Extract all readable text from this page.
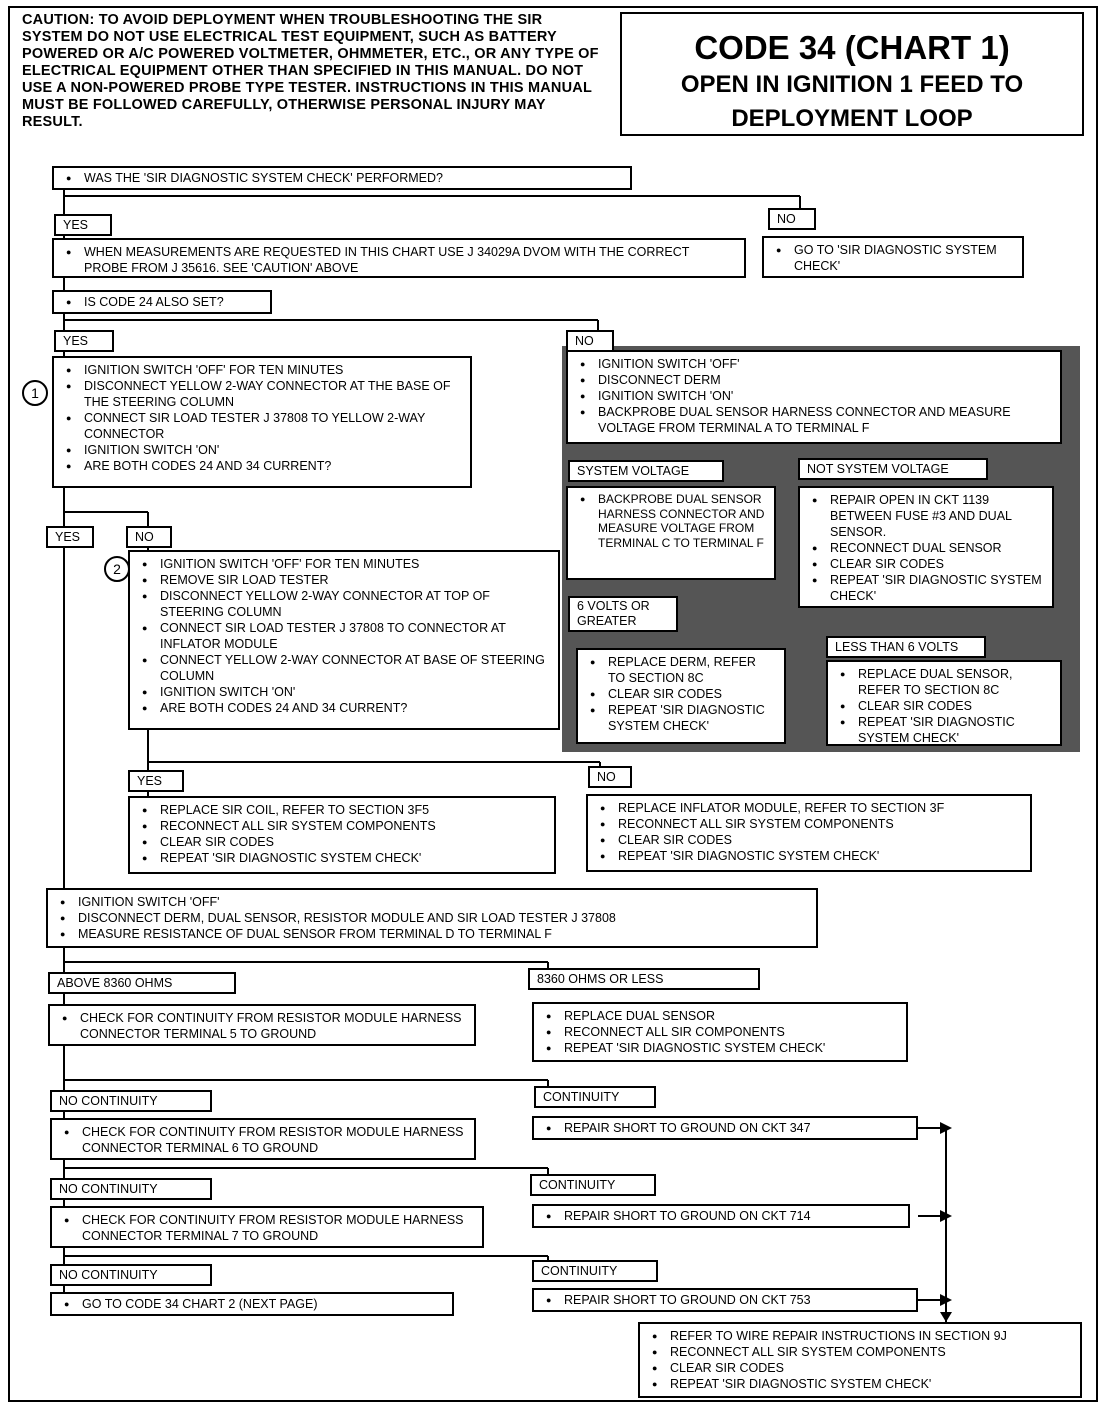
CAUTION: TO AVOID DEPLOYMENT WHEN TROUBLESHOOTING THE SIR SYSTEM DO NOT USE ELECTRICAL TEST EQUIPMENT, SUCH AS BATTERY POWERED OR A/C POWERED VOLTMETER, OHMMETER, ETC., OR ANY TYPE OF ELECTRICAL EQUIPMENT OTHER THAN SPECIFIED IN THIS MANUAL. DO NOT USE A NON-POWERED PROBE TYPE TESTER. INSTRUCTIONS IN THIS MANUAL MUST BE FOLLOWED CAREFULLY, OTHERWISE PERSONAL INJURY MAY RESULT.
CODE 34 (CHART 1)
OPEN IN IGNITION 1 FEED TO
DEPLOYMENT LOOP
● WAS THE 'SIR DIAGNOSTIC SYSTEM CHECK' PERFORMED?
YES	NO
● WHEN MEASUREMENTS ARE REQUESTED IN THIS CHART USE J 34029A DVOM WITH THE CORRECT PROBE FROM J 35616. SEE 'CAUTION' ABOVE
● GO TO 'SIR DIAGNOSTIC SYSTEM CHECK'
● IS CODE 24 ALSO SET?
YES	NO
1
● IGNITION SWITCH 'OFF' FOR TEN MINUTES
● DISCONNECT YELLOW 2-WAY CONNECTOR AT THE BASE OF THE STEERING COLUMN
● CONNECT SIR LOAD TESTER J 37808 TO YELLOW 2-WAY CONNECTOR
● IGNITION SWITCH 'ON'
● ARE BOTH CODES 24 AND 34 CURRENT?
● IGNITION SWITCH 'OFF'
● DISCONNECT DERM
● IGNITION SWITCH 'ON'
● BACKPROBE DUAL SENSOR HARNESS CONNECTOR AND MEASURE VOLTAGE FROM TERMINAL A TO TERMINAL F
SYSTEM VOLTAGE	NOT SYSTEM VOLTAGE
● BACKPROBE DUAL SENSOR HARNESS CONNECTOR AND MEASURE VOLTAGE FROM TERMINAL C TO TERMINAL F
● REPAIR OPEN IN CKT 1139 BETWEEN FUSE #3 AND DUAL SENSOR.
● RECONNECT DUAL SENSOR
● CLEAR SIR CODES
● REPEAT 'SIR DIAGNOSTIC SYSTEM CHECK'
6 VOLTS OR GREATER
LESS THAN 6 VOLTS
● REPLACE DERM, REFER TO SECTION 8C
● CLEAR SIR CODES
● REPEAT 'SIR DIAGNOSTIC SYSTEM CHECK'
● REPLACE DUAL SENSOR, REFER TO SECTION 8C
● CLEAR SIR CODES
● REPEAT 'SIR DIAGNOSTIC SYSTEM CHECK'
YES	NO
2	● IGNITION SWITCH 'OFF' FOR TEN MINUTES
● REMOVE SIR LOAD TESTER
● DISCONNECT YELLOW 2-WAY CONNECTOR AT TOP OF STEERING COLUMN
● CONNECT SIR LOAD TESTER J 37808 TO CONNECTOR AT INFLATOR MODULE
● CONNECT YELLOW 2-WAY CONNECTOR AT BASE OF STEERING COLUMN
● IGNITION SWITCH 'ON'
● ARE BOTH CODES 24 AND 34 CURRENT?
YES	NO
● REPLACE SIR COIL, REFER TO SECTION 3F5
● RECONNECT ALL SIR SYSTEM COMPONENTS
● CLEAR SIR CODES
● REPEAT 'SIR DIAGNOSTIC SYSTEM CHECK'
● REPLACE INFLATOR MODULE, REFER TO SECTION 3F
● RECONNECT ALL SIR SYSTEM COMPONENTS
● CLEAR SIR CODES
● REPEAT 'SIR DIAGNOSTIC SYSTEM CHECK'
● IGNITION SWITCH 'OFF'
● DISCONNECT DERM, DUAL SENSOR, RESISTOR MODULE AND SIR LOAD TESTER J 37808
● MEASURE RESISTANCE OF DUAL SENSOR FROM TERMINAL D TO TERMINAL F
ABOVE 8360 OHMS	8360 OHMS OR LESS
● CHECK FOR CONTINUITY FROM RESISTOR MODULE HARNESS CONNECTOR TERMINAL 5 TO GROUND
● REPLACE DUAL SENSOR
● RECONNECT ALL SIR COMPONENTS
● REPEAT 'SIR DIAGNOSTIC SYSTEM CHECK'
NO CONTINUITY	CONTINUITY
● CHECK FOR CONTINUITY FROM RESISTOR MODULE HARNESS CONNECTOR TERMINAL 6 TO GROUND
● REPAIR SHORT TO GROUND ON CKT 347
NO CONTINUITY	CONTINUITY
● CHECK FOR CONTINUITY FROM RESISTOR MODULE HARNESS CONNECTOR TERMINAL 7 TO GROUND
● REPAIR SHORT TO GROUND ON CKT 714
NO CONTINUITY	CONTINUITY
● GO TO CODE 34 CHART 2 (NEXT PAGE)	● REPAIR SHORT TO GROUND ON CKT 753
● REFER TO WIRE REPAIR INSTRUCTIONS IN SECTION 9J
● RECONNECT ALL SIR SYSTEM COMPONENTS
● CLEAR SIR CODES
● REPEAT 'SIR DIAGNOSTIC SYSTEM CHECK'
